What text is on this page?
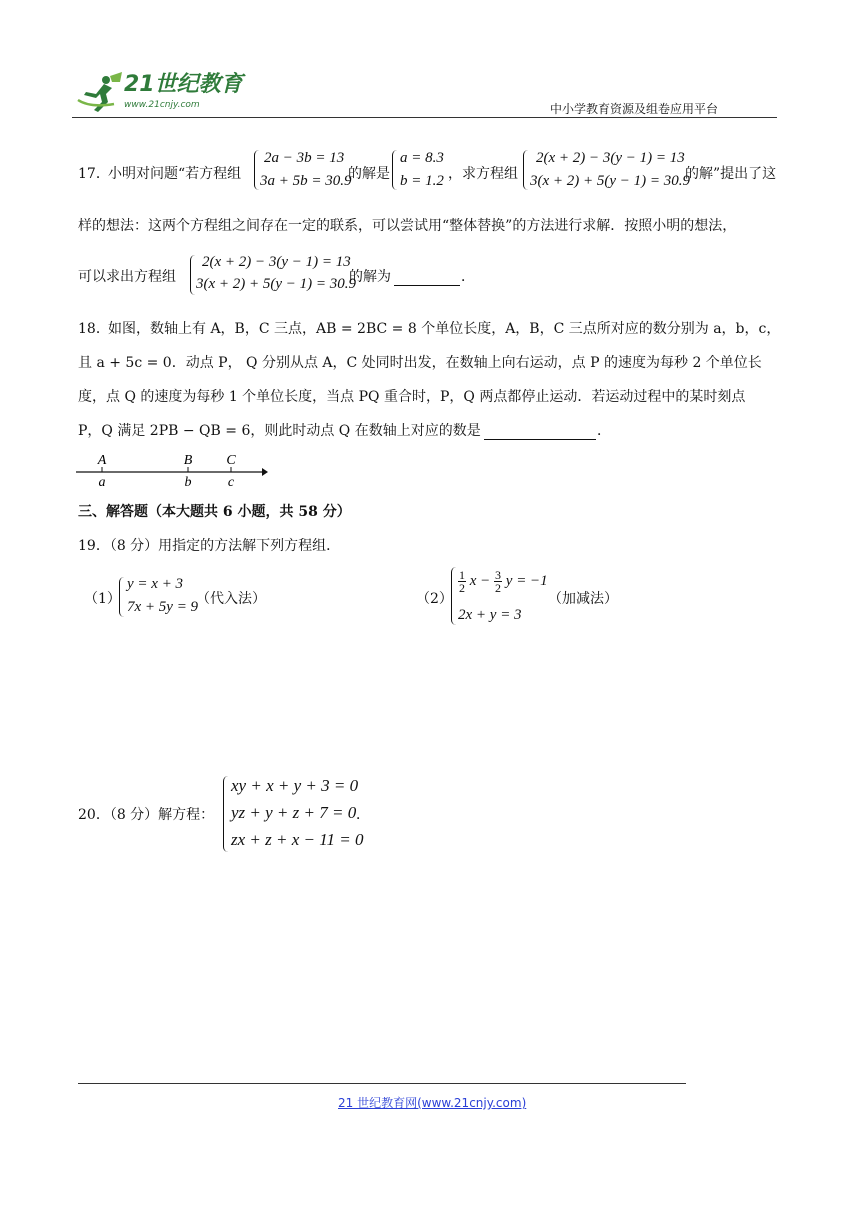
21世纪教育
www.21cnjy.com	中小学教育资源及组卷应用平台
17．
小明对问题“若方程组
2a − 3b = 13
3a + 5b = 30.9
的解是
a = 8.3
b = 1.2 ，求方程组
2(x + 2) − 3(y − 1) = 13
3(x + 2) + 5(y − 1) = 30.9
的解”提出了这
样的想法：这两个方程组之间存在一定的联系，可以尝试用“整体替换”的方法进行求解．按照小明的想法，
可以求出方程组
2(x + 2) − 3(y − 1) = 13
3(x + 2) + 5(y − 1) = 30.9
的解为	．
18．
如图，数轴上有 A，B，C 三点，AB = 2BC = 8 个单位长度，A，B，C 三点所对应的数分别为 a，b，c，
且 a + 5c = 0．动点 P， Q 分别从点 A，C 处同时出发，在数轴上向右运动，点 P 的速度为每秒 2 个单位长
度，点 Q 的速度为每秒 1 个单位长度，当点 PQ 重合时，P，Q 两点都停止运动．若运动过程中的某时刻点
P，Q 满足 2PB − QB = 6，则此时动点 Q 在数轴上对应的数是	．
A	B C
a	b	c
三、解答题（本大题共 6 小题，共 58 分）
19．（8 分）用指定的方法解下列方程组．
（1）
y = x + 3
7x + 5y = 9
（代入法）	（2）
$\frac{1}{2}$ $x - \frac{3}{2}$ y = −1
2x + y = 3
（加减法）
20．（8 分）解方程：
xy + x + y + 3 = 0
yz + y + z + 7 = 0
zx + z + x − 11 = 0
．
21 世纪教育网(www.21cnjy.com)
